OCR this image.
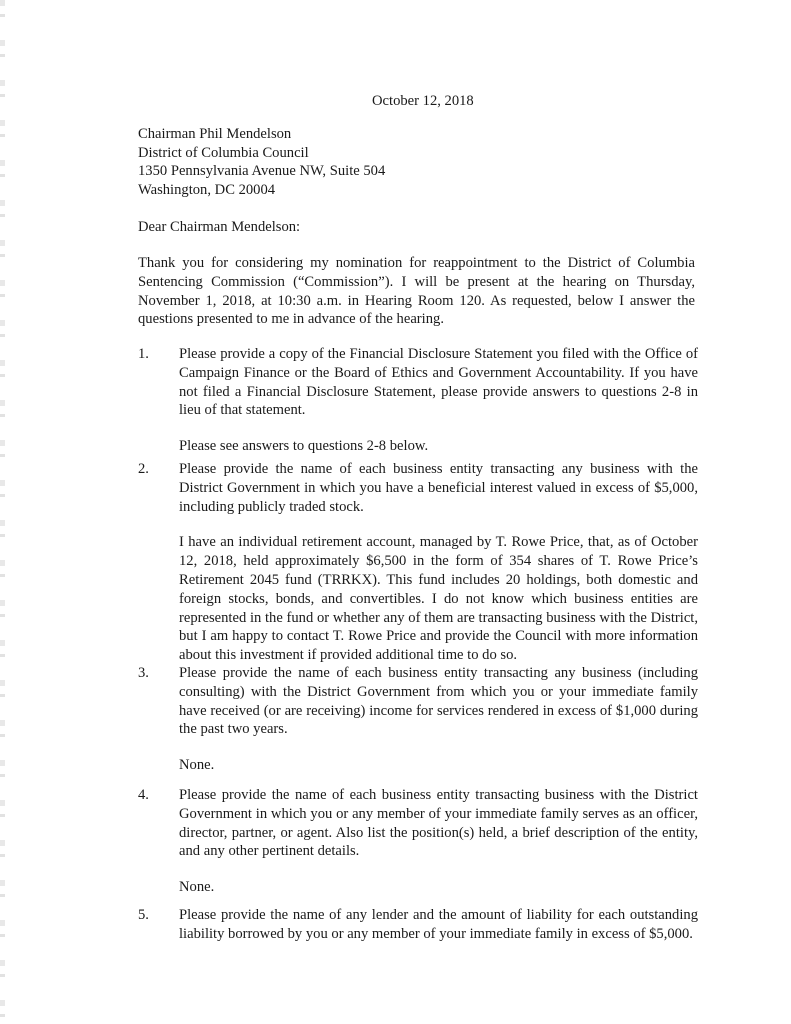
October 12, 2018
Chairman Phil Mendelson
District of Columbia Council
1350 Pennsylvania Avenue NW, Suite 504
Washington, DC 20004
Dear Chairman Mendelson:
Thank you for considering my nomination for reappointment to the District of Columbia Sentencing Commission (“Commission”). I will be present at the hearing on Thursday, November 1, 2018, at 10:30 a.m. in Hearing Room 120. As requested, below I answer the questions presented to me in advance of the hearing.
1.	Please provide a copy of the Financial Disclosure Statement you filed with the Office of Campaign Finance or the Board of Ethics and Government Accountability. If you have not filed a Financial Disclosure Statement, please provide answers to questions 2-8 in lieu of that statement.
Please see answers to questions 2-8 below.
2.	Please provide the name of each business entity transacting any business with the District Government in which you have a beneficial interest valued in excess of $5,000, including publicly traded stock.
I have an individual retirement account, managed by T. Rowe Price, that, as of October 12, 2018, held approximately $6,500 in the form of 354 shares of T. Rowe Price’s Retirement 2045 fund (TRRKX). This fund includes 20 holdings, both domestic and foreign stocks, bonds, and convertibles. I do not know which business entities are represented in the fund or whether any of them are transacting business with the District, but I am happy to contact T. Rowe Price and provide the Council with more information about this investment if provided additional time to do so.
3.	Please provide the name of each business entity transacting any business (including consulting) with the District Government from which you or your immediate family have received (or are receiving) income for services rendered in excess of $1,000 during the past two years.
None.
4.	Please provide the name of each business entity transacting business with the District Government in which you or any member of your immediate family serves as an officer, director, partner, or agent. Also list the position(s) held, a brief description of the entity, and any other pertinent details.
None.
5.	Please provide the name of any lender and the amount of liability for each outstanding liability borrowed by you or any member of your immediate family in excess of $5,000.
